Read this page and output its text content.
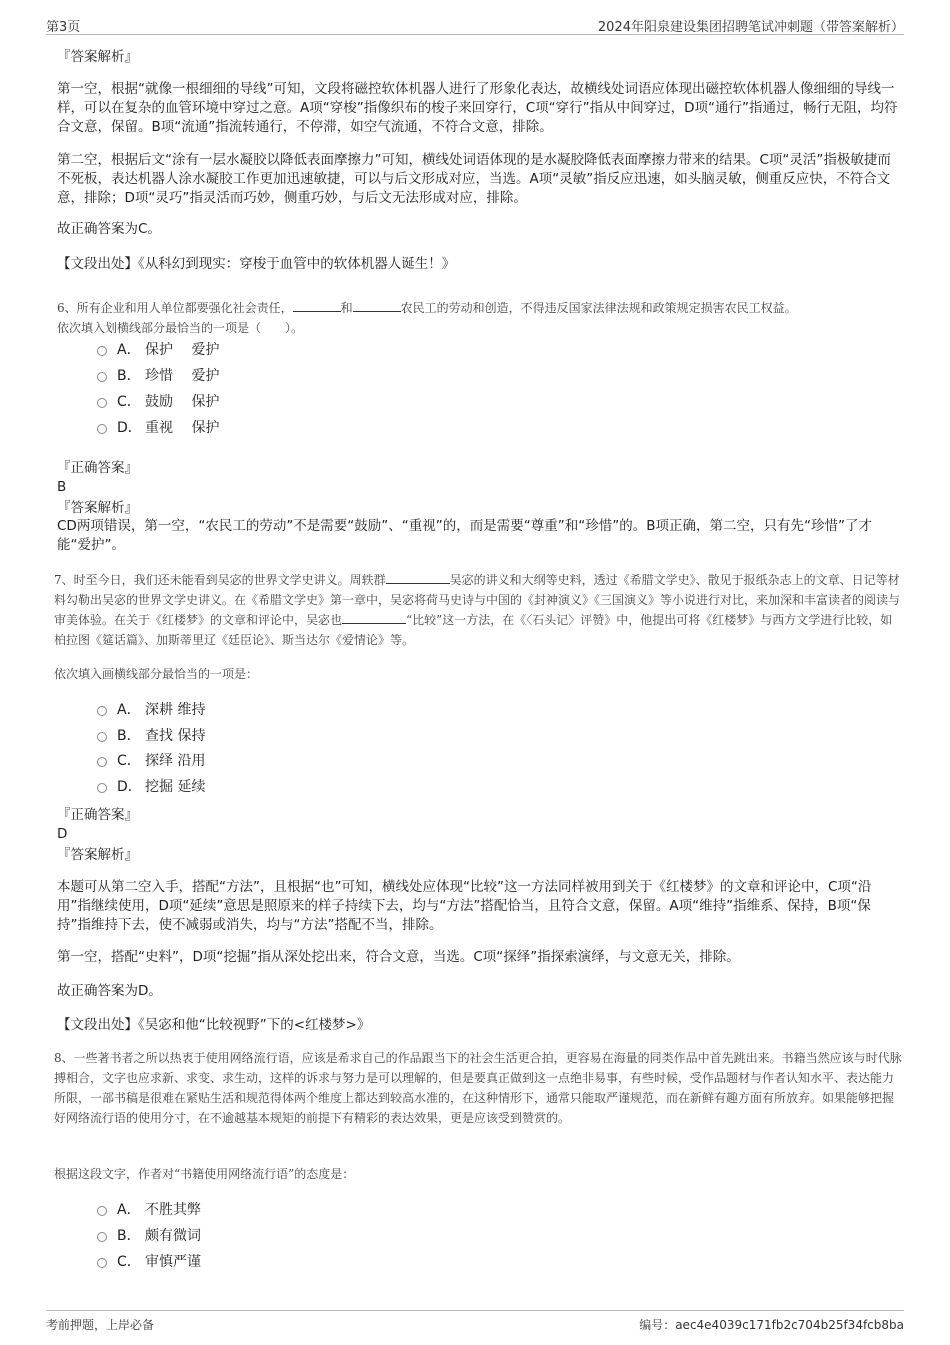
第3页	2024年阳泉建设集团招聘笔试冲刺题（带答案解析）
『答案解析』
第一空，根据“就像一根细细的导线”可知，文段将磁控软体机器人进行了形象化表达，故横线处词语应体现出磁控软体机器人像细细的导线一样，可以在复杂的血管环境中穿过之意。A项“穿梭”指像织布的梭子来回穿行，C项“穿行”指从中间穿过，D项“通行”指通过，畅行无阻，均符合文意，保留。B项“流通”指流转通行，不停滞，如空气流通，不符合文意，排除。
第二空，根据后文“涂有一层水凝胶以降低表面摩擦力”可知，横线处词语体现的是水凝胶降低表面摩擦力带来的结果。C项“灵活”指极敏捷而不死板，表达机器人涂水凝胶工作更加迅速敏捷，可以与后文形成对应，当选。A项“灵敏”指反应迅速，如头脑灵敏，侧重反应快，不符合文意，排除；D项“灵巧”指灵活而巧妙，侧重巧妙，与后文无法形成对应，排除。
故正确答案为C。
【文段出处】《从科幻到现实：穿梭于血管中的软体机器人诞生！》
6、所有企业和用人单位都要强化社会责任，	和	农民工的劳动和创造，不得违反国家法律法规和政策规定损害农民工权益。
依次填入划横线部分最恰当的一项是（　　）。
A． 保护　 爱护
B． 珍惜　 爱护
C． 鼓励　 保护
D． 重视　 保护
『正确答案』
B
『答案解析』
CD两项错误，第一空，“农民工的劳动”不是需要“鼓励”、“重视”的，而是需要“尊重”和“珍惜”的。B项正确，第二空，只有先“珍惜”了才能“爱护”。
7、时至今日，我们还未能看到吴宓的世界文学史讲义。周轶群	吴宓的讲义和大纲等史料，透过《希腊文学史》、散见于报纸杂志上的文章、日记等材料勾勒出吴宓的世界文学史讲义。在《希腊文学史》第一章中，吴宓将荷马史诗与中国的《封神演义》《三国演义》等小说进行对比，来加深和丰富读者的阅读与审美体验。在关于《红楼梦》的文章和评论中，吴宓也	“比较”这一方法，在《〈石头记〉评赞》中，他提出可将《红楼梦》与西方文学进行比较，如柏拉图《筵话篇》、加斯蒂里辽《廷臣论》、斯当达尔《爱情论》等。
依次填入画横线部分最恰当的一项是：
A． 深耕 维持
B． 查找 保持
C． 探绎 沿用
D． 挖掘 延续
『正确答案』
D
『答案解析』
本题可从第二空入手，搭配“方法”，且根据“也”可知，横线处应体现“比较”这一方法同样被用到关于《红楼梦》的文章和评论中，C项“沿用”指继续使用，D项“延续”意思是照原来的样子持续下去，均与“方法”搭配恰当，且符合文意，保留。A项“维持”指维系、保持，B项“保持”指维持下去，使不减弱或消失，均与“方法”搭配不当，排除。
第一空，搭配“史料”，D项“挖掘”指从深处挖出来，符合文意，当选。C项“探绎”指探索演绎，与文意无关，排除。
故正确答案为D。
【文段出处】《吴宓和他“比较视野”下的<红楼梦>》
8、一些著书者之所以热衷于使用网络流行语，应该是希求自己的作品跟当下的社会生活更合拍，更容易在海量的同类作品中首先跳出来。书籍当然应该与时代脉搏相合，文字也应求新、求变、求生动，这样的诉求与努力是可以理解的，但是要真正做到这一点绝非易事，有些时候，受作品题材与作者认知水平、表达能力所限，一部书稿是很难在紧贴生活和规范得体两个维度上都达到较高水准的，在这种情形下，通常只能取严谨规范，而在新鲜有趣方面有所放弃。如果能够把握好网络流行语的使用分寸，在不逾越基本规矩的前提下有精彩的表达效果，更是应该受到赞赏的。
根据这段文字，作者对“书籍使用网络流行语”的态度是：
A． 不胜其弊
B． 颇有微词
C． 审慎严谨
考前押题，上岸必备	编号：aec4e4039c171fb2c704b25f34fcb8ba
